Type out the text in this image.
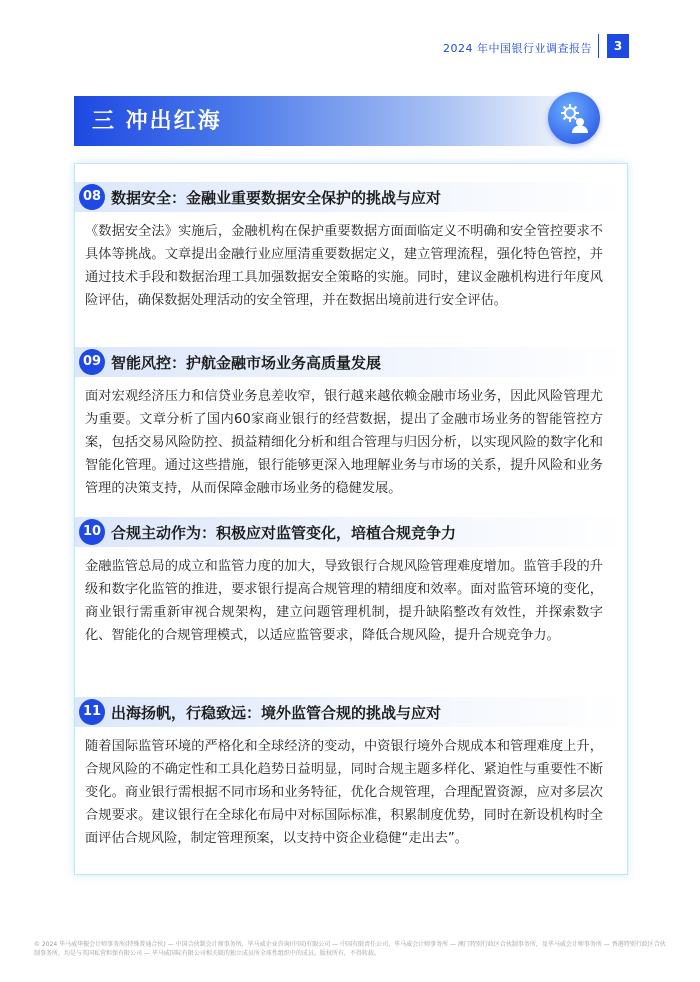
2024 年中国银行业调查报告	3
三 冲出红海
08 数据安全：金融业重要数据安全保护的挑战与应对
《数据安全法》实施后，金融机构在保护重要数据方面面临定义不明确和安全管控要求不具体等挑战。文章提出金融行业应厘清重要数据定义，建立管理流程，强化特色管控，并通过技术手段和数据治理工具加强数据安全策略的实施。同时，建议金融机构进行年度风险评估，确保数据处理活动的安全管理，并在数据出境前进行安全评估。
09 智能风控：护航金融市场业务高质量发展
面对宏观经济压力和信贷业务息差收窄，银行越来越依赖金融市场业务，因此风险管理尤为重要。文章分析了国内60家商业银行的经营数据，提出了金融市场业务的智能管控方案，包括交易风险防控、损益精细化分析和组合管理与归因分析，以实现风险的数字化和智能化管理。通过这些措施，银行能够更深入地理解业务与市场的关系，提升风险和业务管理的决策支持，从而保障金融市场业务的稳健发展。
10 合规主动作为：积极应对监管变化，培植合规竞争力
金融监管总局的成立和监管力度的加大，导致银行合规风险管理难度增加。监管手段的升级和数字化监管的推进，要求银行提高合规管理的精细度和效率。面对监管环境的变化，商业银行需重新审视合规架构，建立问题管理机制，提升缺陷整改有效性，并探索数字化、智能化的合规管理模式，以适应监管要求，降低合规风险，提升合规竞争力。
11 出海扬帆，行稳致远：境外监管合规的挑战与应对
随着国际监管环境的严格化和全球经济的变动，中资银行境外合规成本和管理难度上升，合规风险的不确定性和工具化趋势日益明显，同时合规主题多样化、紧迫性与重要性不断变化。商业银行需根据不同市场和业务特征，优化合规管理，合理配置资源，应对多层次合规要求。建议银行在全球化布局中对标国际标准，积累制度优势，同时在新设机构时全面评估合规风险，制定管理预案，以支持中资企业稳健“走出去”。
© 2024 毕马威华振会计师事务所(特殊普通合伙) — 中国合伙制会计师事务所，毕马威企业咨询(中国)有限公司 — 中国有限责任公司，毕马威会计师事务所 — 澳门特别行政区合伙制事务所，及毕马威会计师事务所 — 香港特别行政区合伙制事务所，均是与英国私营担保有限公司 — 毕马威国际有限公司相关联的独立成员所全球性组织中的成员。版权所有，不得转载。
